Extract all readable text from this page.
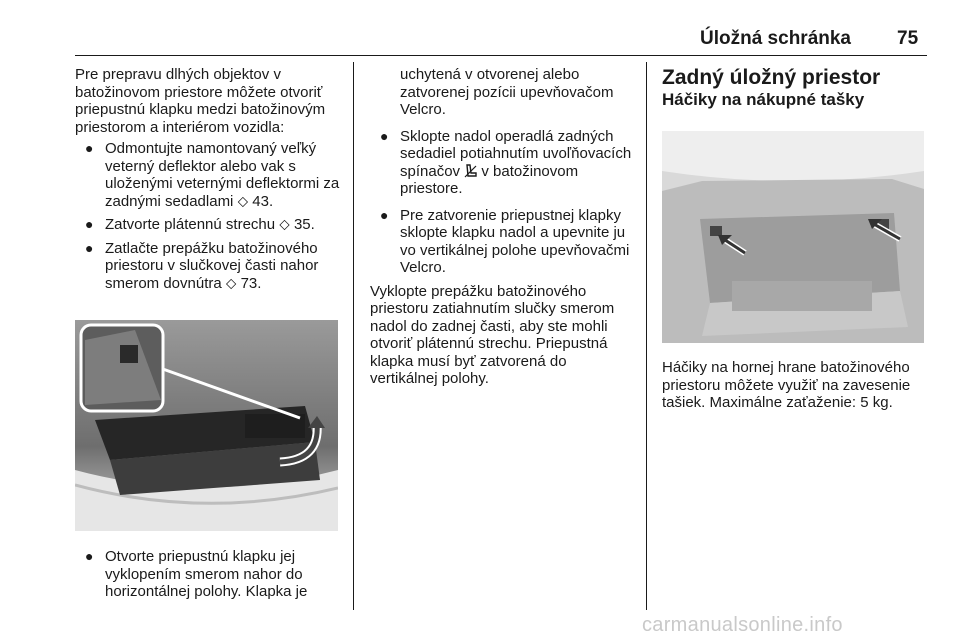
Úložná schránka 75

Pre prepravu dlhých objektov v batožinovom priestore môžete otvoriť priepustnú klapku medzi batožinovým priestorom a interiérom vozidla:

● Odmontujte namontovaný veľký veterný deflektor alebo vak s uloženými veternými deflektormi za zadnými sedadlami ⬦ 43.
● Zatvorte plátennú strechu ⬦ 35.
● Zatlačte prepážku batožinového priestoru v slučkovej časti nahor smerom dovnútra ⬦ 73.
● Otvorte priepustnú klapku jej vyklopením smerom nahor do horizontálnej polohy. Klapka je

uchytená v otvorenej alebo zatvorenej pozícii upevňovačom Velcro.

● Sklopte nadol operadlá zadných sedadiel potiahnutím uvoľňovacích spínačov v batožinovom priestore.
● Pre zatvorenie priepustnej klapky sklopte klapku nadol a upevnite ju vo vertikálnej polohe upevňovačmi Velcro.

Vyklopte prepážku batožinového priestoru zatiahnutím slučky smerom nadol do zadnej časti, aby ste mohli otvoriť plátennú strechu. Priepustná klapka musí byť zatvorená do vertikálnej polohy.

Zadný úložný priestor

Háčiky na nákupné tašky

Háčiky na hornej hrane batožinového priestoru môžete využiť na zavesenie tašiek. Maximálne zaťaženie: 5 kg.

carmanualsonline.info
